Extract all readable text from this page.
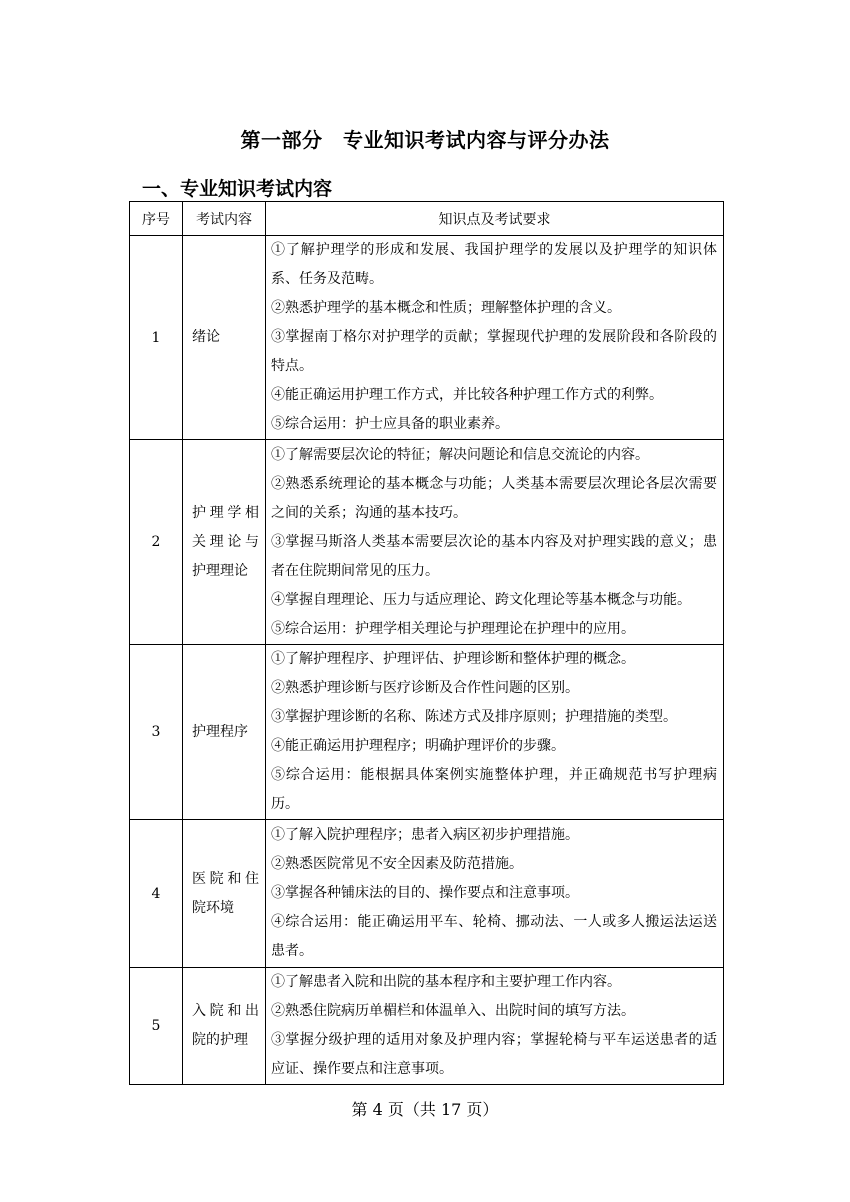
第一部分　专业知识考试内容与评分办法
一、专业知识考试内容
序号	考试内容	知识点及考试要求
1	绪论	①了解护理学的形成和发展、我国护理学的发展以及护理学的知识体系、任务及范畴。
②熟悉护理学的基本概念和性质；理解整体护理的含义。
③掌握南丁格尔对护理学的贡献；掌握现代护理的发展阶段和各阶段的特点。
④能正确运用护理工作方式，并比较各种护理工作方式的利弊。
⑤综合运用：护士应具备的职业素养。

2	护理学相关理论与护理理论	①了解需要层次论的特征；解决问题论和信息交流论的内容。
②熟悉系统理论的基本概念与功能；人类基本需要层次理论各层次需要之间的关系；沟通的基本技巧。
③掌握马斯洛人类基本需要层次论的基本内容及对护理实践的意义；患者在住院期间常见的压力。
④掌握自理理论、压力与适应理论、跨文化理论等基本概念与功能。
⑤综合运用：护理学相关理论与护理理论在护理中的应用。

3	护理程序	①了解护理程序、护理评估、护理诊断和整体护理的概念。
②熟悉护理诊断与医疗诊断及合作性问题的区别。
③掌握护理诊断的名称、陈述方式及排序原则；护理措施的类型。
④能正确运用护理程序；明确护理评价的步骤。
⑤综合运用：能根据具体案例实施整体护理，并正确规范书写护理病历。

4	医院和住院环境	①了解入院护理程序；患者入病区初步护理措施。
②熟悉医院常见不安全因素及防范措施。
③掌握各种铺床法的目的、操作要点和注意事项。
④综合运用：能正确运用平车、轮椅、挪动法、一人或多人搬运法运送患者。

5	入院和出院的护理	①了解患者入院和出院的基本程序和主要护理工作内容。
②熟悉住院病历单楣栏和体温单入、出院时间的填写方法。
③掌握分级护理的适用对象及护理内容；掌握轮椅与平车运送患者的适应证、操作要点和注意事项。
第 4 页（共 17 页）
